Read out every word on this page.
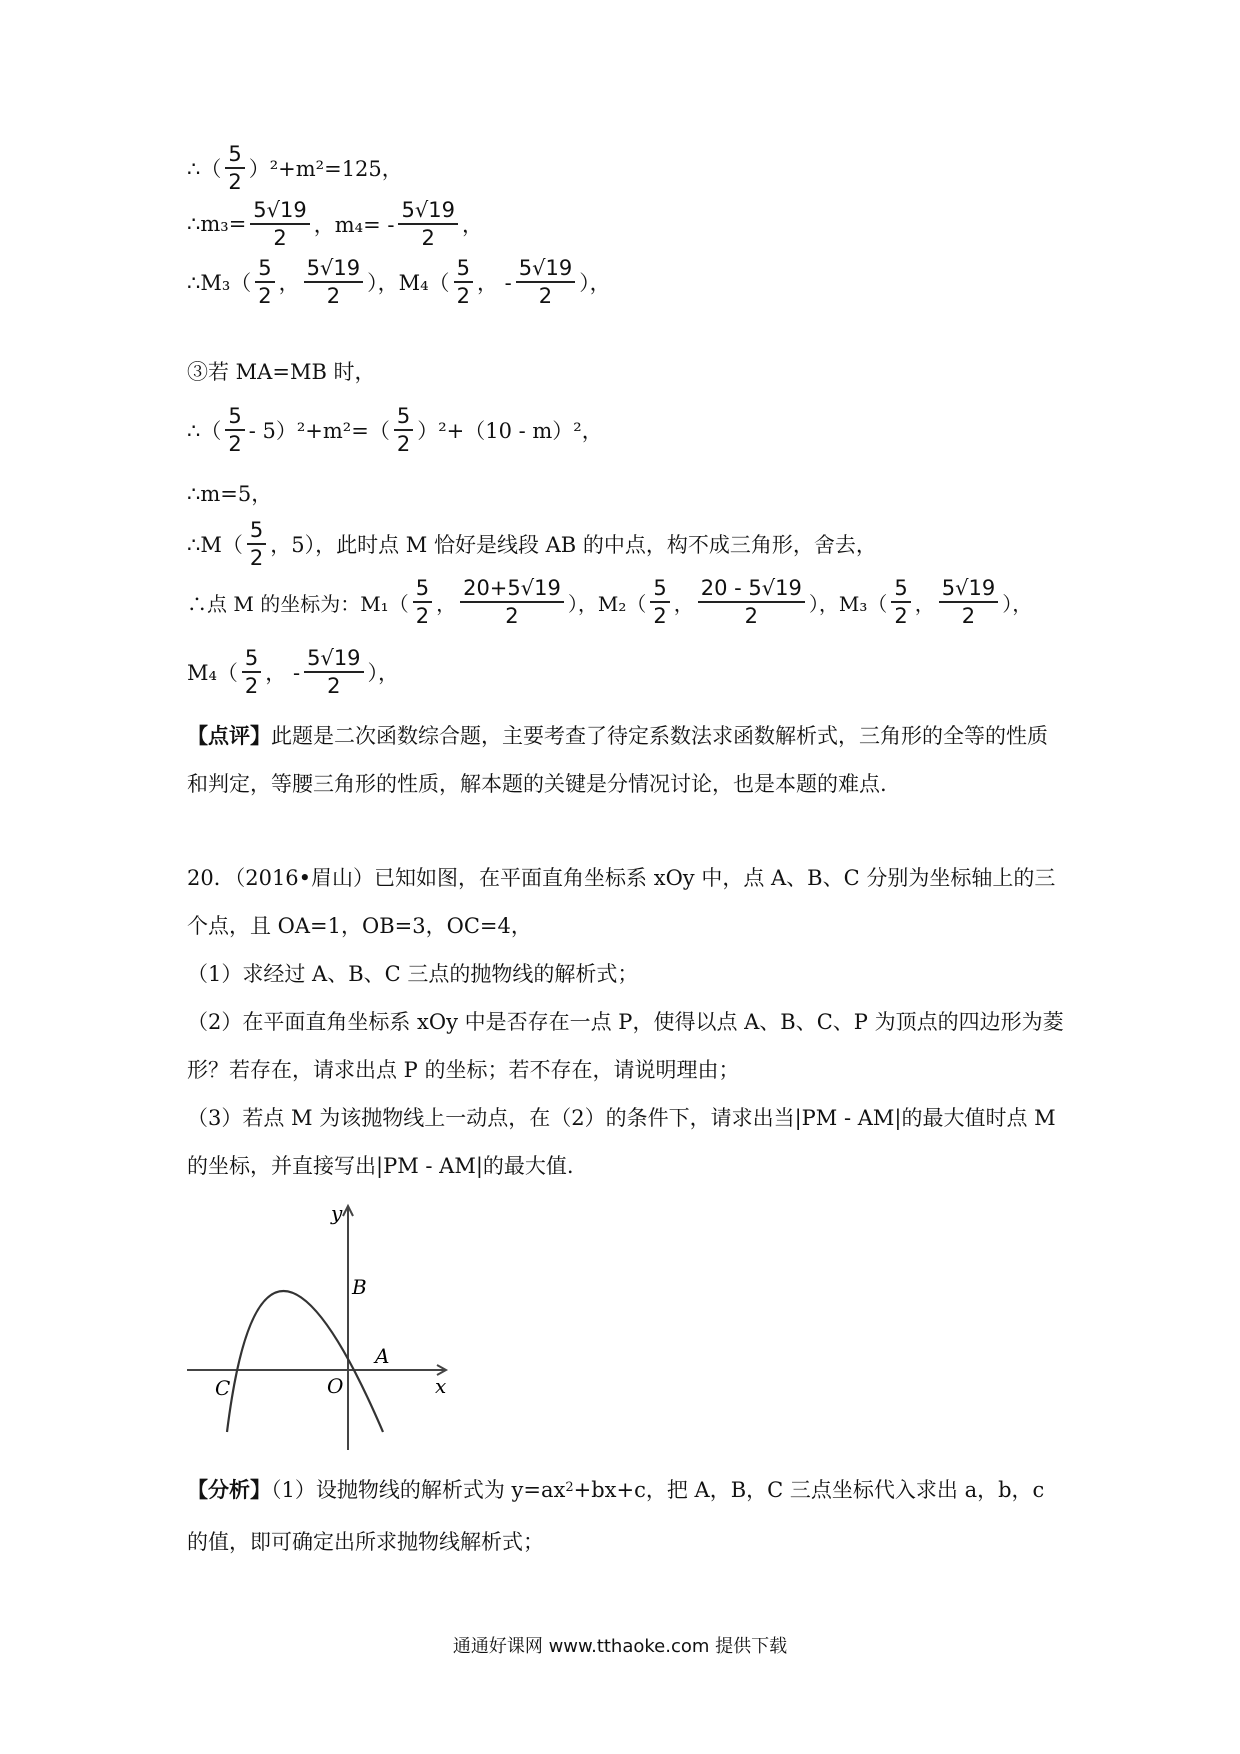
∴（ $\frac{5}{2} )^2+m^2=125$，
∴m₃= $\frac{5√19}{2}$ ，$m_4= - \frac{5√19}{2}$ ，
∴M₃（ $\frac{5}{2}$ ， $\frac{5√19}{2}$ ），$M_4( \frac{5}{2}$ ， - $\frac{5√19}{2}$ ），
③若 MA=MB 时，
∴（ $\frac{5}{2} - 5)^2+m^2=( \frac{5}{2} )^2+(10 - m)^2$，
∴m=5，
∴M（ $\frac{5}{2}$ ，5），此时点 M 恰好是线段 AB 的中点，构不成三角形，舍去，
∴点 M 的坐标为：$M_1( \frac{5}{2}$ ， $\frac{20+5√19}{2}$ ），$M_2( \frac{5}{2}$ ， $\frac{20 - 5√19}{2}$ ），$M_3( \frac{5}{2}$ ， $\frac{5√19}{2}$ ），
$M_4( \frac{5}{2}$ ， - $\frac{5√19}{2}$ ），
【点评】此题是二次函数综合题，主要考查了待定系数法求函数解析式，三角形的全等的性质和判定，等腰三角形的性质，解本题的关键是分情况讨论，也是本题的难点.
20．（2016•眉山）已知如图，在平面直角坐标系 xOy 中，点 A、B、C 分别为坐标轴上的三个点，且 OA=1，OB=3，OC=4，
（1）求经过 A、B、C 三点的抛物线的解析式；
（2）在平面直角坐标系 xOy 中是否存在一点 P，使得以点 A、B、C、P 为顶点的四边形为菱形？若存在，请求出点 P 的坐标；若不存在，请说明理由；
（3）若点 M 为该抛物线上一动点，在（2）的条件下，请求出当|PM - AM|的最大值时点 M 的坐标，并直接写出|PM - AM|的最大值.
y
x
O
A
B
C
【分析】（1）设抛物线的解析式为 $y=ax^2+bx+c$，把 A，B，C 三点坐标代入求出 a，b，c 的值，即可确定出所求抛物线解析式；
通通好课网 www.tthaoke.com 提供下载
